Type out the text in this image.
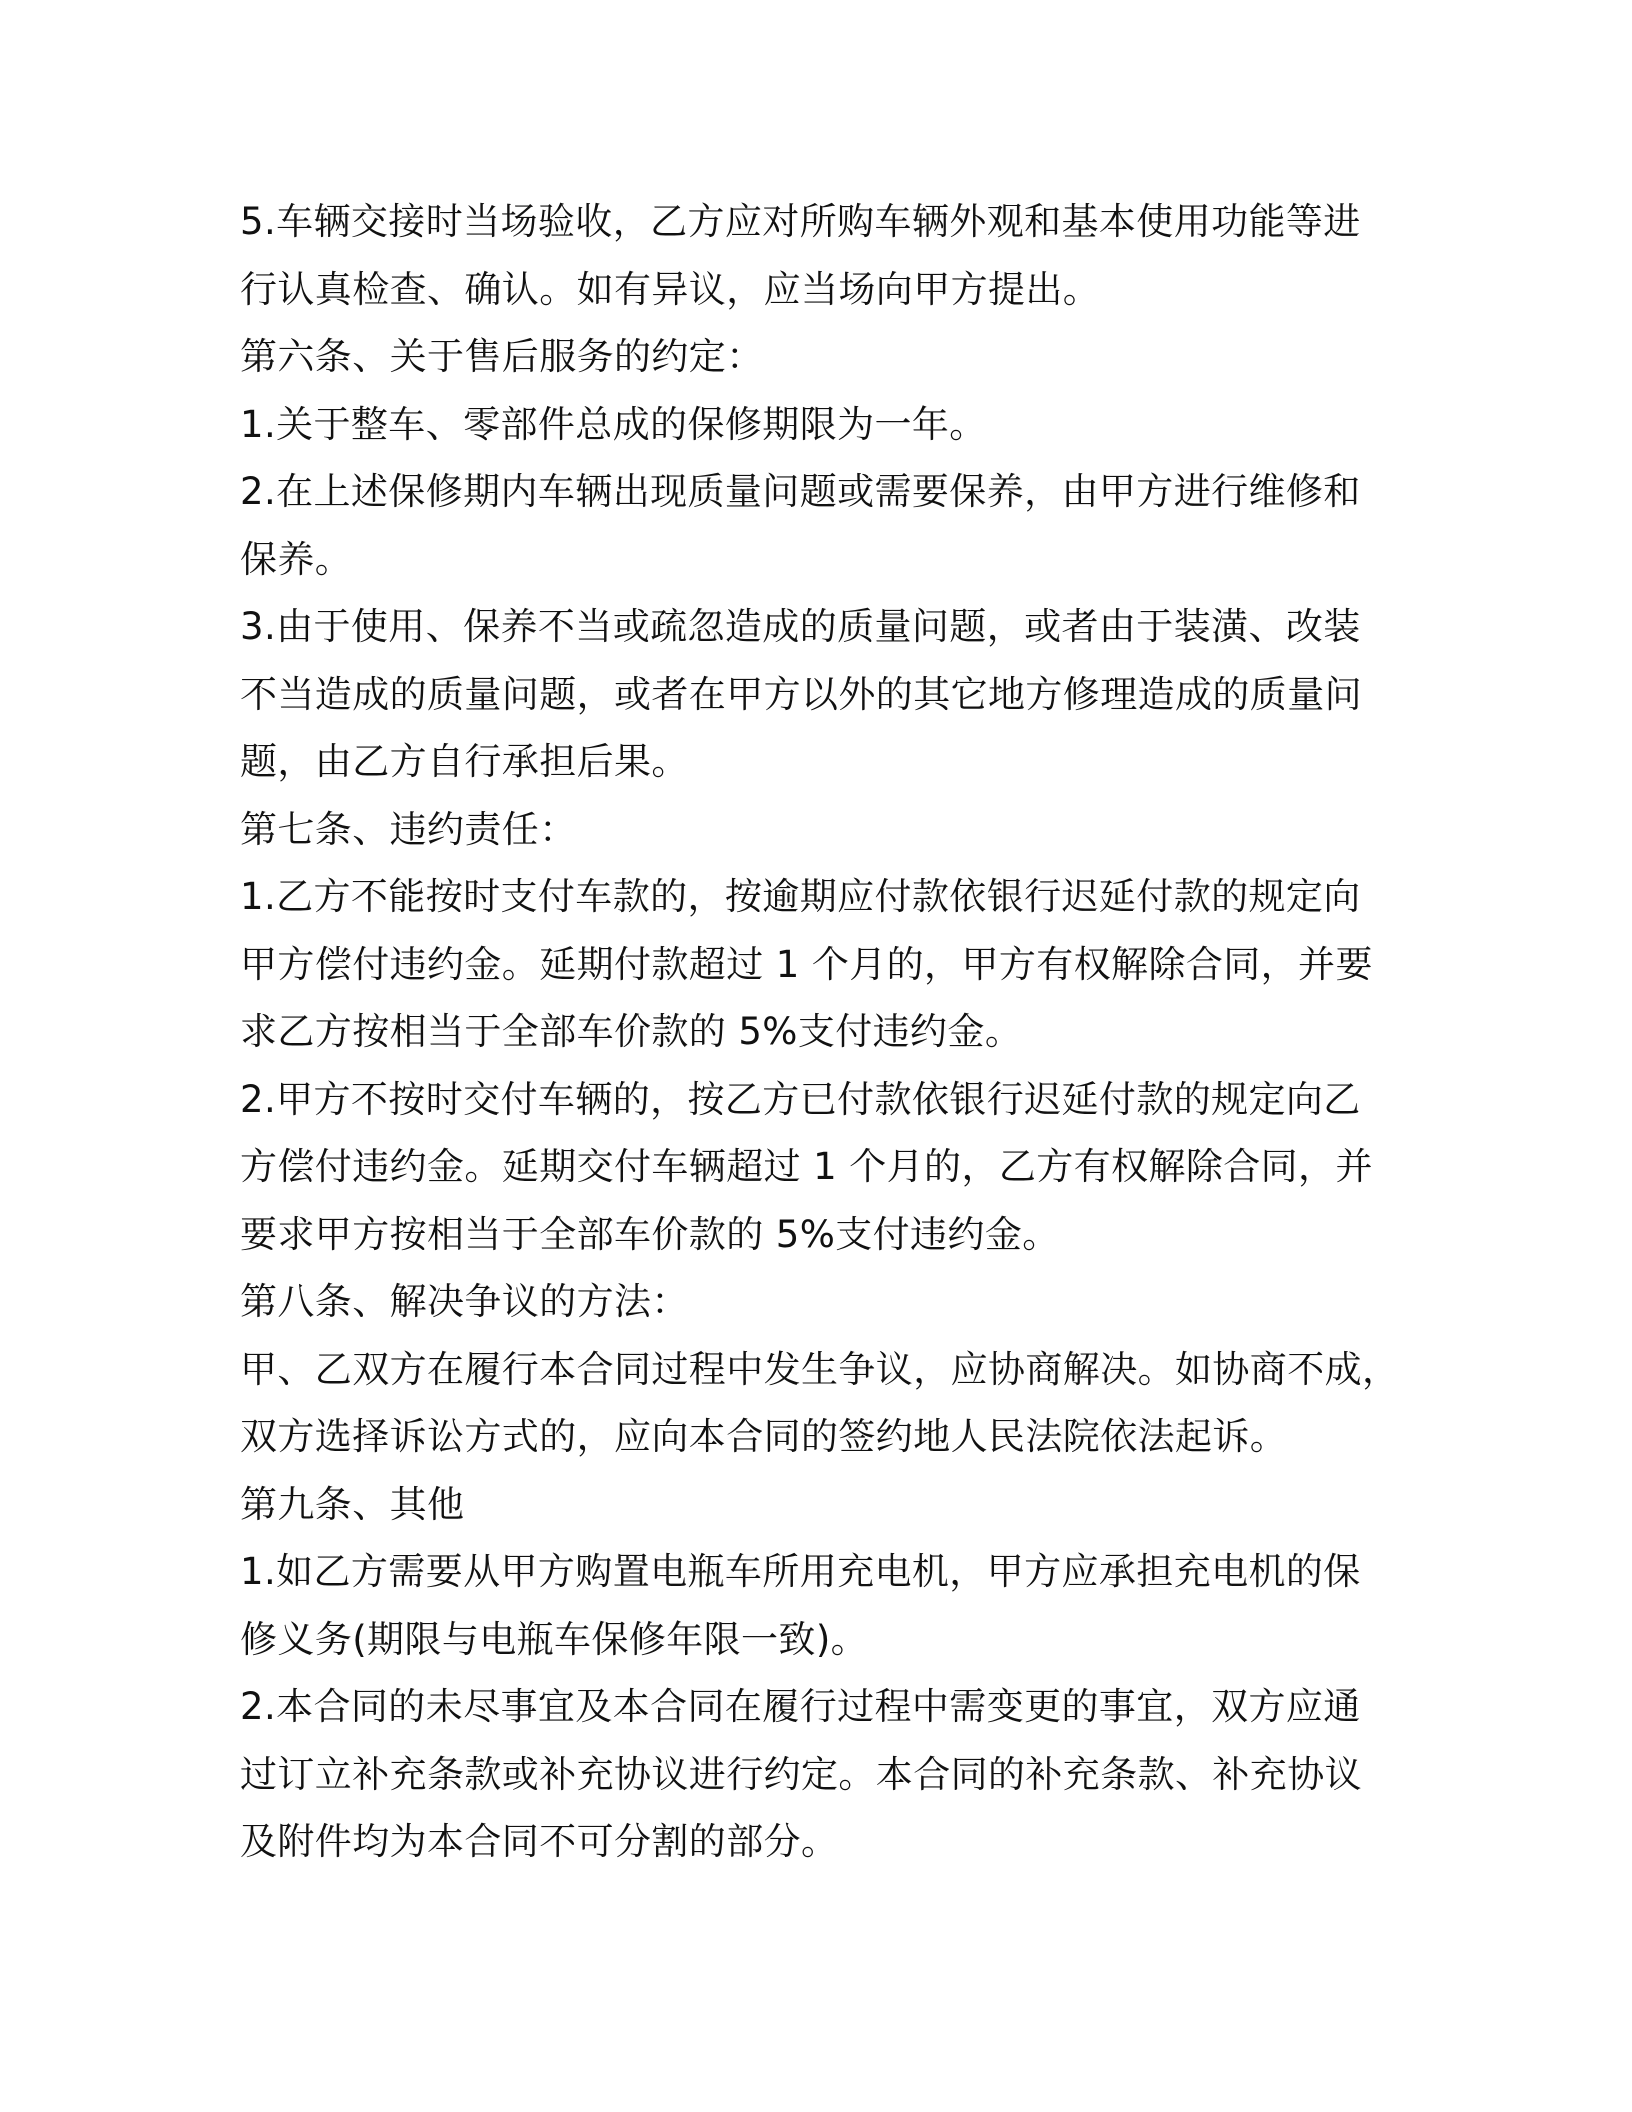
5.车辆交接时当场验收，乙方应对所购车辆外观和基本使用功能等进
行认真检查、确认。如有异议，应当场向甲方提出。
第六条、关于售后服务的约定：
1.关于整车、零部件总成的保修期限为一年。
2.在上述保修期内车辆出现质量问题或需要保养，由甲方进行维修和
保养。
3.由于使用、保养不当或疏忽造成的质量问题，或者由于装潢、改装
不当造成的质量问题，或者在甲方以外的其它地方修理造成的质量问
题，由乙方自行承担后果。
第七条、违约责任：
1.乙方不能按时支付车款的，按逾期应付款依银行迟延付款的规定向
甲方偿付违约金。延期付款超过 1 个月的，甲方有权解除合同，并要
求乙方按相当于全部车价款的 5%支付违约金。
2.甲方不按时交付车辆的，按乙方已付款依银行迟延付款的规定向乙
方偿付违约金。延期交付车辆超过 1 个月的，乙方有权解除合同，并
要求甲方按相当于全部车价款的 5%支付违约金。
第八条、解决争议的方法：
甲、乙双方在履行本合同过程中发生争议，应协商解决。如协商不成，
双方选择诉讼方式的，应向本合同的签约地人民法院依法起诉。
第九条、其他
1.如乙方需要从甲方购置电瓶车所用充电机，甲方应承担充电机的保
修义务(期限与电瓶车保修年限一致)。
2.本合同的未尽事宜及本合同在履行过程中需变更的事宜，双方应通
过订立补充条款或补充协议进行约定。本合同的补充条款、补充协议
及附件均为本合同不可分割的部分。
